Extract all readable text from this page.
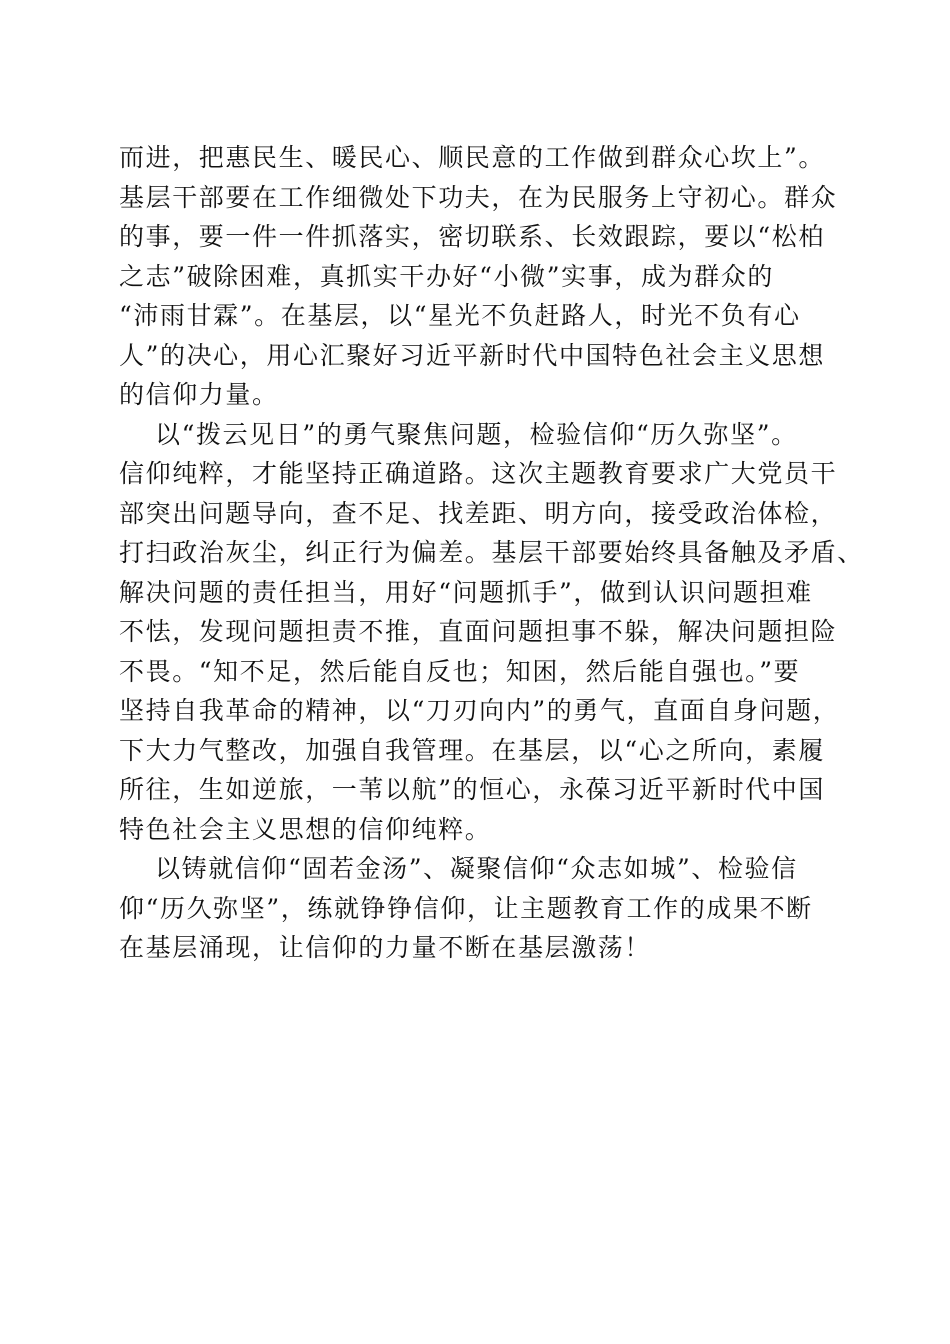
而进，把惠民生、暖民心、顺民意的工作做到群众心坎上”。
基层干部要在工作细微处下功夫，在为民服务上守初心。群众
的事，要一件一件抓落实，密切联系、长效跟踪，要以“松柏
之志”破除困难，真抓实干办好“小微”实事，成为群众的
“沛雨甘霖”。在基层，以“星光不负赶路人，时光不负有心
人”的决心，用心汇聚好习近平新时代中国特色社会主义思想
的信仰力量。
以“拨云见日”的勇气聚焦问题，检验信仰“历久弥坚”。
信仰纯粹，才能坚持正确道路。这次主题教育要求广大党员干
部突出问题导向，查不足、找差距、明方向，接受政治体检，
打扫政治灰尘，纠正行为偏差。基层干部要始终具备触及矛盾、
解决问题的责任担当，用好“问题抓手”，做到认识问题担难
不怯，发现问题担责不推，直面问题担事不躲，解决问题担险
不畏。“知不足，然后能自反也；知困，然后能自强也。”要
坚持自我革命的精神，以“刀刃向内”的勇气，直面自身问题，
下大力气整改，加强自我管理。在基层，以“心之所向，素履
所往，生如逆旅，一苇以航”的恒心，永葆习近平新时代中国
特色社会主义思想的信仰纯粹。
以铸就信仰“固若金汤”、凝聚信仰“众志如城”、检验信
仰“历久弥坚”，练就铮铮信仰，让主题教育工作的成果不断
在基层涌现，让信仰的力量不断在基层激荡！
